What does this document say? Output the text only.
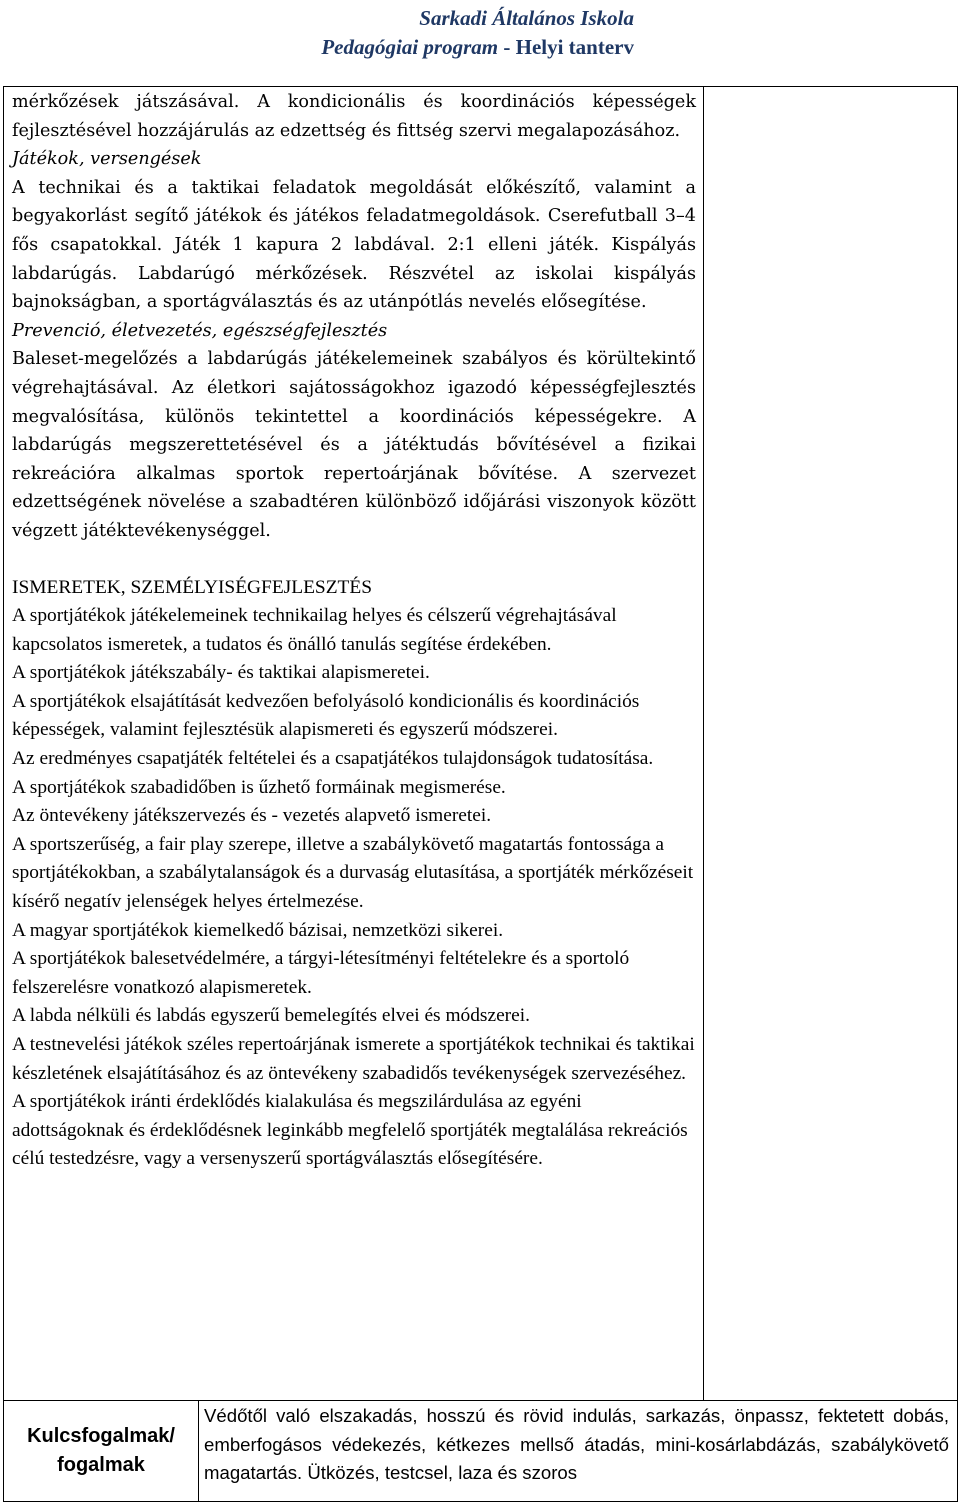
Sarkadi Általános Iskola
Pedagógiai program - Helyi tanterv

mérkőzések játszásával. A kondicionális és koordinációs képességek fejlesztésével hozzájárulás az edzettség és fittség szervi megalapozásához.

Játékok, versengések

A technikai és a taktikai feladatok megoldását előkészítő, valamint a begyakorlást segítő játékok és játékos feladatmegoldások. Cserefutball 3–4 fős csapatokkal. Játék 1 kapura 2 labdával. 2:1 elleni játék. Kispályás labdarúgás. Labdarúgó mérkőzések. Részvétel az iskolai kispályás bajnokságban, a sportágválasztás és az utánpótlás nevelés elősegítése.

Prevenció, életvezetés, egészségfejlesztés

Baleset-megelőzés a labdarúgás játékelemeinek szabályos és körültekintő végrehajtásával. Az életkori sajátosságokhoz igazodó képességfejlesztés megvalósítása, különös tekintettel a koordinációs képességekre. A labdarúgás megszerettetésével és a játéktudás bővítésével a fizikai rekreációra alkalmas sportok repertoárjának bővítése. A szervezet edzettségének növelése a szabadtéren különböző időjárási viszonyok között végzett játéktevékenységgel.

ISMERETEK, SZEMÉLYISÉGFEJLESZTÉS

A sportjátékok játékelemeinek technikailag helyes és célszerű végrehajtásával kapcsolatos ismeretek, a tudatos és önálló tanulás segítése érdekében.

A sportjátékok játékszabály- és taktikai alapismeretei.

A sportjátékok elsajátítását kedvezően befolyásoló kondicionális és koordinációs képességek, valamint fejlesztésük alapismereti és egyszerű módszerei.

Az eredményes csapatjáték feltételei és a csapatjátékos tulajdonságok tudatosítása.

A sportjátékok szabadidőben is űzhető formáinak megismerése.

Az öntevékeny játékszervezés és - vezetés alapvető ismeretei.

A sportszerűség, a fair play szerepe, illetve a szabálykövető magatartás fontossága a sportjátékokban, a szabálytalanságok és a durvaság elutasítása, a sportjáték mérkőzéseit kísérő negatív jelenségek helyes értelmezése.

A magyar sportjátékok kiemelkedő bázisai, nemzetközi sikerei.

A sportjátékok balesetvédelmére, a tárgyi-létesítményi feltételekre és a sportoló felszerelésre vonatkozó alapismeretek.

A labda nélküli és labdás egyszerű bemelegítés elvei és módszerei.

A testnevelési játékok széles repertoárjának ismerete a sportjátékok technikai és taktikai készletének elsajátításához és az öntevékeny szabadidős tevékenységek szervezéséhez.

A sportjátékok iránti érdeklődés kialakulása és megszilárdulása az egyéni adottságoknak és érdeklődésnek leginkább megfelelő sportjáték megtalálása rekreációs célú testedzésre, vagy a versenyszerű sportágválasztás elősegítésére.

Kulcsfogalmak/
fogalmak

Védőtől való elszakadás, hosszú és rövid indulás, sarkazás, önpassz, fektetett dobás, emberfogásos védekezés, kétkezes mellső átadás, mini-kosárlabdázás, szabálykövető magatartás. Ütközés, testcsel, laza és szoros
